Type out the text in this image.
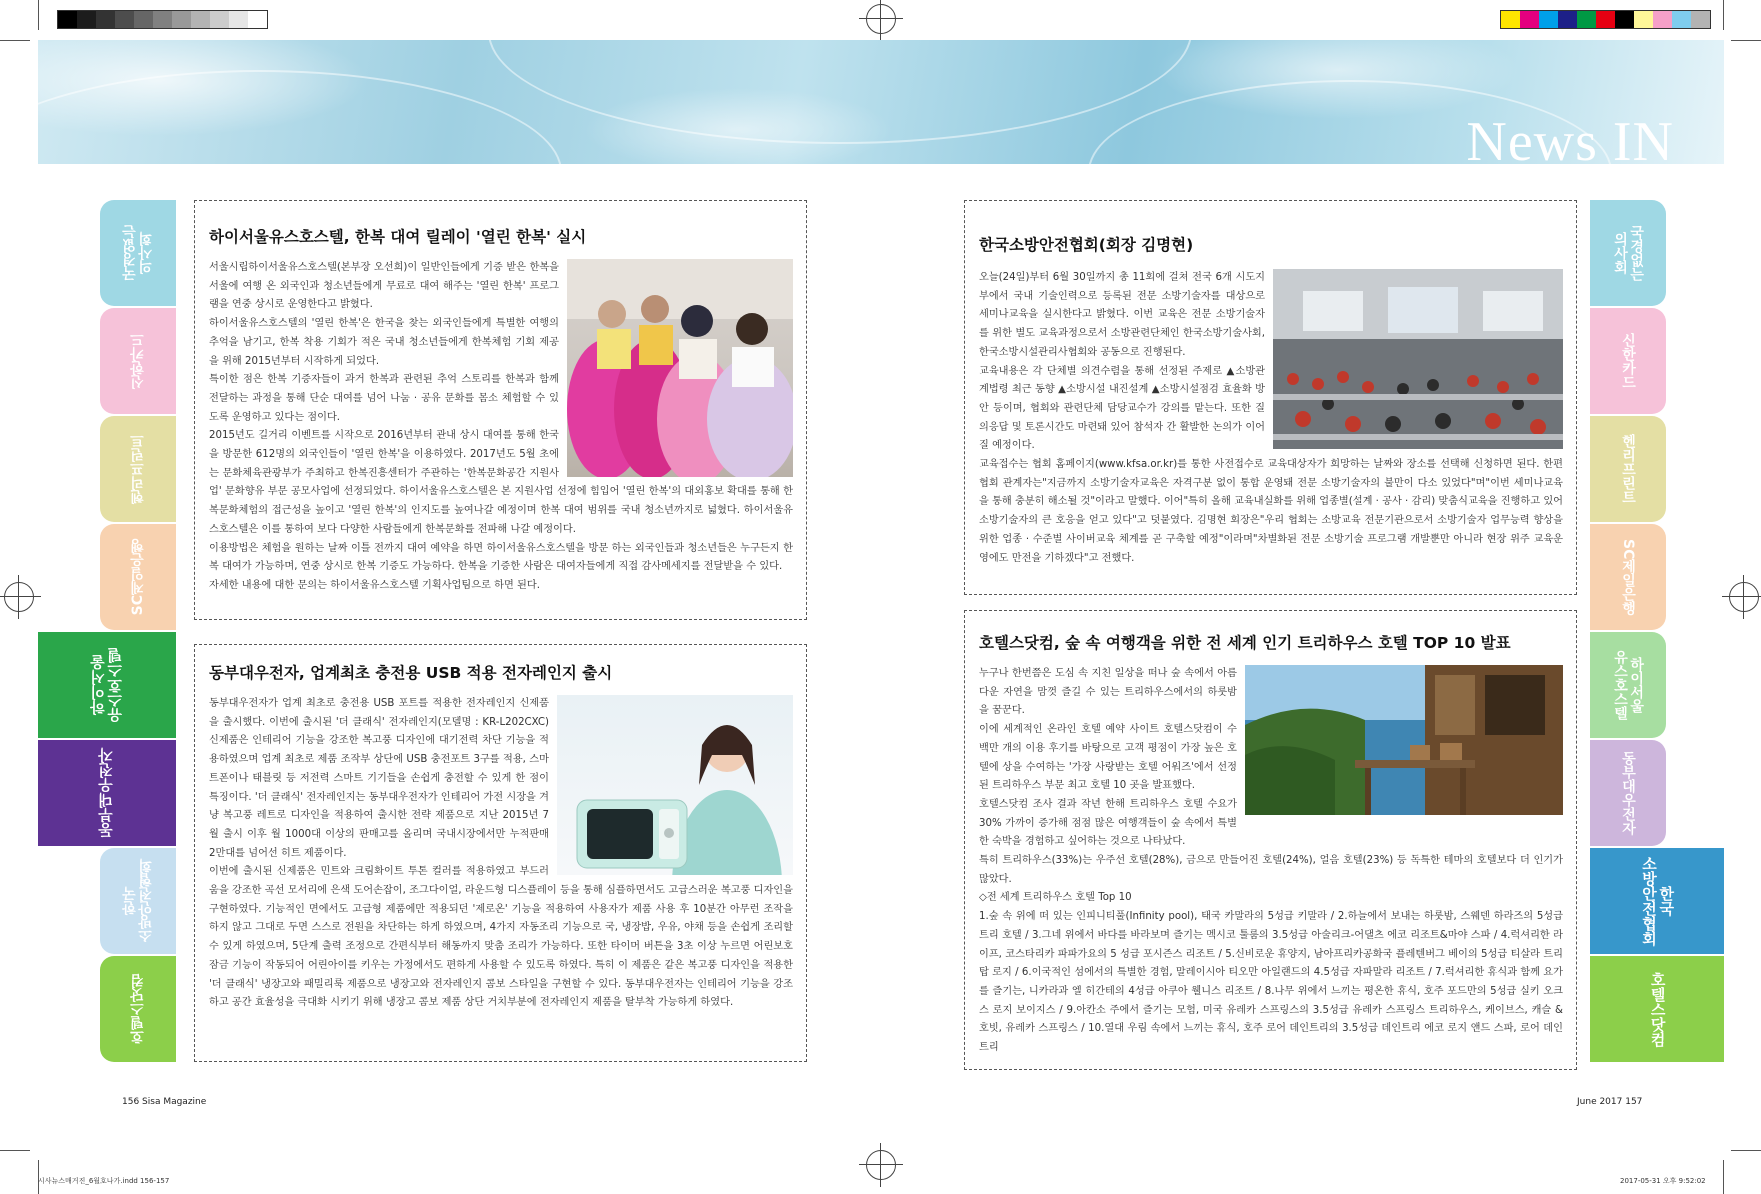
News IN
국경없는
의사회
신한카드
헨리프린트
SC제일은행
하이서울
유스호스텔
동부대우전자
한국
소방안전협회
호텔스닷컴
국경없는
의사회
신한카드
헨리프린트
SC제일은행
하이서울
유스호스텔
동부대우전자
한국
소방안전협회
호텔스닷컴
하이서울유스호스텔, 한복 대여 릴레이 '열린 한복' 실시

서울시립하이서울유스호스텔(본부장 오선희)이 일반인들에게 기증 받은 한복을 서울에 여행 온 외국인과 청소년들에게 무료로 대여 해주는 '열린 한복' 프로그램을 연중 상시로 운영한다고 밝혔다.

하이서울유스호스텔의 '열린 한복'은 한국을 찾는 외국인들에게 특별한 여행의 추억을 남기고, 한복 착용 기회가 적은 국내 청소년들에게 한복체험 기회 제공을 위해 2015년부터 시작하게 되었다.

특이한 점은 한복 기증자들이 과거 한복과 관련된 추억 스토리를 한복과 함께 전달하는 과정을 통해 단순 대여를 넘어 나눔 · 공유 문화를 몸소 체험할 수 있도록 운영하고 있다는 점이다.

2015년도 길거리 이벤트를 시작으로 2016년부터 관내 상시 대여를 통해 한국을 방문한 612명의 외국인들이 '열린 한복'을 이용하였다. 2017년도 5월 초에는 문화체육관광부가 주최하고 한복진흥센터가 주관하는 '한복문화공간 지원사업' 문화향유 부문 공모사업에 선정되었다. 하이서울유스호스텔은 본 지원사업 선정에 힘입어 '열린 한복'의 대외홍보 확대를 통해 한복문화체험의 접근성을 높이고 '열린 한복'의 인지도를 높여나갈 예정이며 한복 대여 범위를 국내 청소년까지로 넓혔다. 하이서울유스호스텔은 이를 통하여 보다 다양한 사람들에게 한복문화를 전파해 나갈 예정이다.

이용방법은 체험을 원하는 날짜 이틀 전까지 대여 예약을 하면 하이서울유스호스텔을 방문 하는 외국인들과 청소년들은 누구든지 한복 대여가 가능하며, 연중 상시로 한복 기증도 가능하다. 한복을 기증한 사람은 대여자들에게 직접 감사메세지를 전달받을 수 있다.

자세한 내용에 대한 문의는 하이서울유스호스텔 기획사업팀으로 하면 된다.

동부대우전자, 업계최초 충전용 USB 적용 전자레인지 출시

동부대우전자가 업계 최초로 충전용 USB 포트를 적용한 전자레인지 신제품을 출시했다. 이번에 출시된 '더 클래식' 전자레인지(모델명 : KR-L202CXC) 신제품은 인테리어 기능을 강조한 복고풍 디자인에 대기전력 차단 기능을 적용하였으며 업계 최초로 제품 조작부 상단에 USB 충전포트 3구를 적용, 스마트폰이나 태블릿 등 저전력 스마트 기기들을 손쉽게 충전할 수 있게 한 점이 특징이다. '더 클래식' 전자레인지는 동부대우전자가 인테리어 가전 시장을 겨냥 복고풍 레트로 디자인을 적용하여 출시한 전략 제품으로 지난 2015년 7월 출시 이후 월 1000대 이상의 판매고를 올리며 국내시장에서만 누적판매 2만대를 넘어선 히트 제품이다.

이번에 출시된 신제품은 민트와 크림화이트 투톤 컬러를 적용하였고 부드러움을 강조한 곡선 모서리에 은색 도어손잡이, 조그다이얼, 라운드형 디스플레이 등을 통해 심플하면서도 고급스러운 복고풍 디자인을 구현하였다. 기능적인 면에서도 고급형 제품에만 적용되던 '제로온' 기능을 적용하여 사용자가 제품 사용 후 10분간 아무런 조작을 하지 않고 그대로 두면 스스로 전원을 차단하는 하게 하였으며, 4가지 자동조리 기능으로 국, 냉장밥, 우유, 야채 등을 손쉽게 조리할 수 있게 하였으며, 5단계 출력 조정으로 간편식부터 해동까지 맞춤 조리가 가능하다. 또한 타이머 버튼을 3초 이상 누르면 어린보호 잠금 기능이 작동되어 어린아이를 키우는 가정에서도 편하게 사용할 수 있도록 하였다. 특히 이 제품은 같은 복고풍 디자인을 적용한 '더 클래식' 냉장고와 패밀리룩 제품으로 냉장고와 전자레인지 콤보 스타일을 구현할 수 있다. 동부대우전자는 인테리어 기능을 강조하고 공간 효율성을 극대화 시키기 위해 냉장고 콤보 제품 상단 거치부분에 전자레인지 제품을 탈부착 가능하게 하였다.

한국소방안전협회(회장 김명현)

오늘(24일)부터 6월 30일까지 총 11회에 걸쳐 전국 6개 시도지부에서 국내 기술인력으로 등록된 전문 소방기술자를 대상으로 세미나교육을 실시한다고 밝혔다. 이번 교육은 전문 소방기술자를 위한 별도 교육과정으로서 소방관련단체인 한국소방기술사회, 한국소방시설관리사협회와 공동으로 진행된다.

교육내용은 각 단체별 의견수렴을 통해 선정된 주제로 ▲소방관계법령 최근 동향 ▲소방시설 내진설계 ▲소방시설점검 효율화 방안 등이며, 협회와 관련단체 담당교수가 강의를 맡는다. 또한 질의응답 및 토론시간도 마련돼 있어 참석자 간 활발한 논의가 이어질 예정이다.

교육접수는 협회 홈페이지(www.kfsa.or.kr)를 통한 사전접수로 교육대상자가 희망하는 날짜와 장소를 선택해 신청하면 된다. 한편 협회 관계자는"지금까지 소방기술자교육은 자격구분 없이 통합 운영돼 전문 소방기술자의 불만이 다소 있었다"며"이번 세미나교육을 통해 충분히 해소될 것"이라고 말했다. 이어"특히 올해 교육내실화를 위해 업종별(설계 · 공사 · 감리) 맞춤식교육을 진행하고 있어 소방기술자의 큰 호응을 얻고 있다"고 덧붙였다. 김명현 회장은"우리 협회는 소방교육 전문기관으로서 소방기술자 업무능력 향상을 위한 업종 · 수준별 사이버교육 체계를 곧 구축할 예정"이라며"차별화된 전문 소방기술 프로그램 개발뿐만 아니라 현장 위주 교육운영에도 만전을 기하겠다"고 전했다.

호텔스닷컴, 숲 속 여행객을 위한 전 세계 인기 트리하우스 호텔 TOP 10 발표

누구나 한번쯤은 도심 속 지친 일상을 떠나 숲 속에서 아름다운 자연을 맘껏 즐길 수 있는 트리하우스에서의 하룻밤을 꿈꾼다.

이에 세계적인 온라인 호텔 예약 사이트 호텔스닷컴이 수백만 개의 이용 후기를 바탕으로 고객 평점이 가장 높은 호텔에 상을 수여하는 '가장 사랑받는 호텔 어워즈'에서 선정된 트리하우스 부문 최고 호텔 10 곳을 발표했다.

호텔스닷컴 조사 결과 작년 한해 트리하우스 호텔 수요가 30% 가까이 증가해 점점 많은 여행객들이 숲 속에서 특별한 숙박을 경험하고 싶어하는 것으로 나타났다.

특히 트리하우스(33%)는 우주선 호텔(28%), 금으로 만들어진 호텔(24%), 얼음 호텔(23%) 등 독특한 테마의 호텔보다 더 인기가 많았다.

◇전 세계 트리하우스 호텔 Top 10

1.숲 속 위에 떠 있는 인피니티풀(Infinity pool), 태국 카말라의 5성급 키말라 / 2.하늘에서 보내는 하룻밤, 스웨덴 하라즈의 5성급 트리 호텔 / 3.그네 위에서 바다를 바라보며 즐기는 멕시코 툴룸의 3.5성급 아술리크-어댈츠 에코 리조트&마야 스파 / 4.럭셔리한 라이프, 코스타리카 파파가요의 5 성급 포시즌스 리조트 / 5.신비로운 휴양지, 남아프리카공화국 플레텐버그 베이의 5성급 티살라 트리탑 로지 / 6.이국적인 섬에서의 특별한 경험, 말레이시아 티오만 아일랜드의 4.5성급 자파말라 리조트 / 7.럭셔리한 휴식과 함께 요가를 즐기는, 니카라과 엘 히간테의 4성급 아쿠아 웰니스 리조트 / 8.나무 위에서 느끼는 평온한 휴식, 호주 포드만의 5성급 실키 오크스 로지 보이지스 / 9.아칸소 주에서 즐기는 모험, 미국 유레카 스프링스의 3.5성급 유레카 스프링스 트리하우스, 케이브스, 캐슬 & 호빗, 유레카 스프링스 / 10.열대 우림 속에서 느끼는 휴식, 호주 로어 데인트리의 3.5성급 데인트리 에코 로지 앤드 스파, 로어 데인트리

156 Sisa Magazine	June 2017 157
시사뉴스매거진_6월호나가.indd 156-157	2017-05-31 오후 9:52:02
